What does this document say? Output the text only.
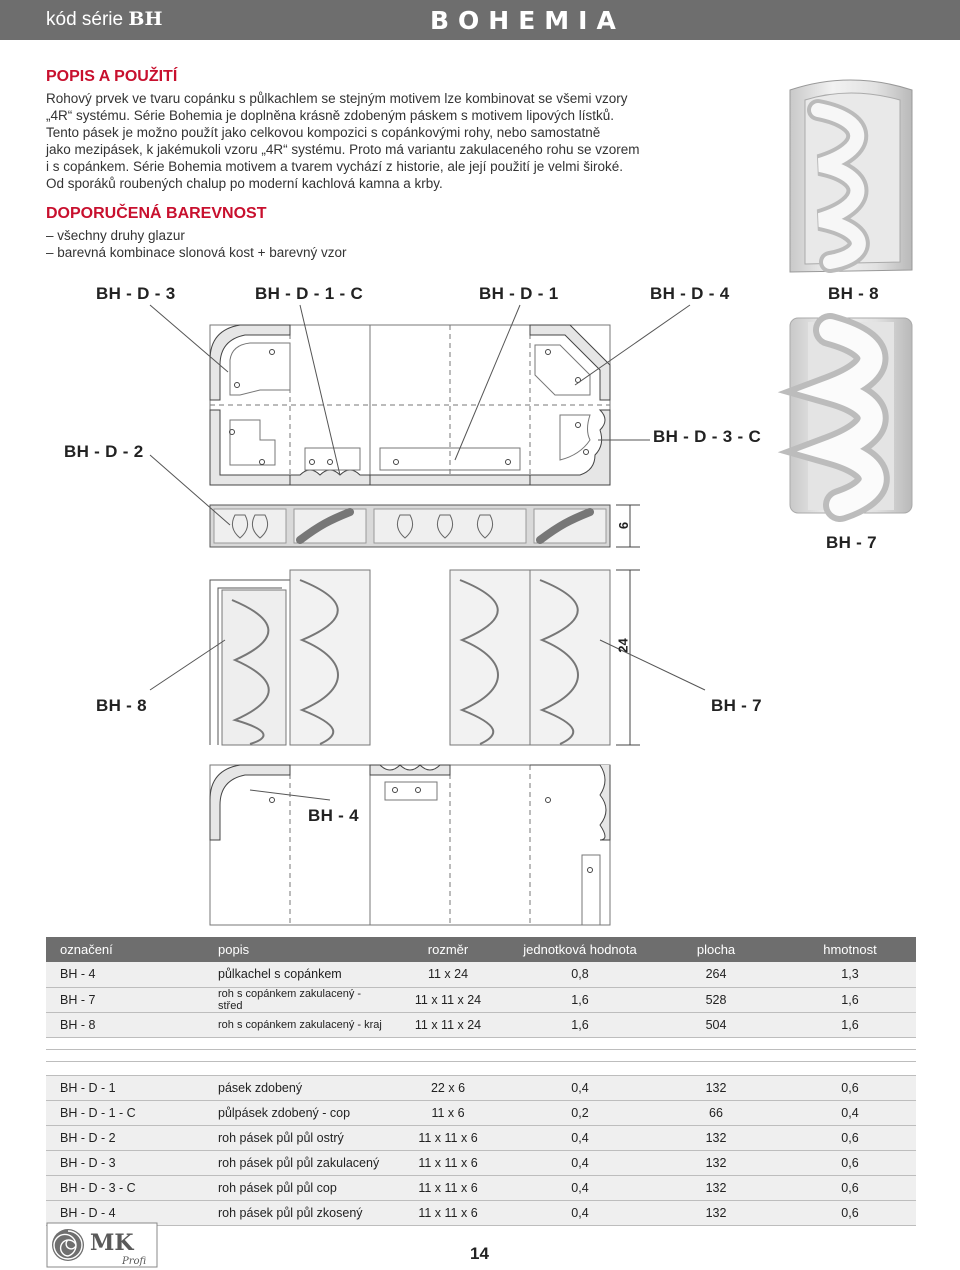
kód série BH	BOHEMIA
POPIS A POUŽITÍ

Rohový prvek ve tvaru copánku s půlkachlem se stejným motivem lze kombinovat se všemi vzory

„4R“ systému. Série Bohemia je doplněna krásně zdobeným páskem s motivem lipových lístků.

Tento pásek je možno použít jako celkovou kompozici s copánkovými rohy, nebo samostatně

jako mezipásek, k jakémukoli vzoru „4R“ systému. Proto má variantu zakulaceného rohu se vzorem

i s copánkem. Série Bohemia motivem a tvarem vychází z historie, ale její použití je velmi široké.

Od sporáků roubených chalup po moderní kachlová kamna a krby.

DOPORUČENÁ BAREVNOST

– všechny druhy glazur

– barevná kombinace slonová kost + barevný vzor

BH - D - 3	BH - D - 1 - C	BH - D - 1	BH - D - 4	BH - 8
BH - D - 2
BH - D - 3 - C
BH - 7
6
24
BH - 8	BH - 7
BH - 4
označení	popis	rozměr	jednotková hodnota	plocha	hmotnost
BH - 4	půlkachel s copánkem	11 x 24	0,8	264	1,3
BH - 7	roh s copánkem zakulacený - střed	11 x 11 x 24	1,6	528	1,6
BH - 8	roh s copánkem zakulacený - kraj	11 x 11 x 24	1,6	504	1,6

BH - D - 1	pásek zdobený	22 x 6	0,4	132	0,6
BH - D - 1 - C	půlpásek zdobený - cop	11 x 6	0,2	66	0,4
BH - D - 2	roh pásek půl půl ostrý	11 x 11 x 6	0,4	132	0,6
BH - D - 3	roh pásek půl půl zakulacený	11 x 11 x 6	0,4	132	0,6
BH - D - 3 - C	roh pásek půl půl cop	11 x 11 x 6	0,4	132	0,6
BH - D - 4	roh pásek půl půl zkosený	11 x 11 x 6	0,4	132	0,6
MK
Profi	14
